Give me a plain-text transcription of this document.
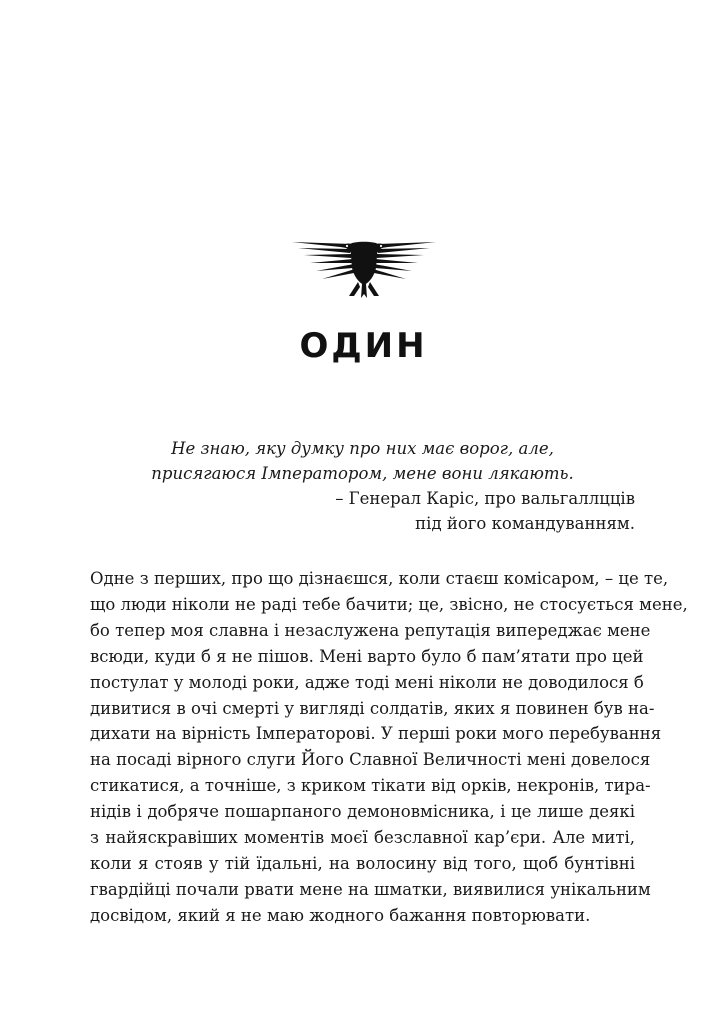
ОДИН
Не знаю, яку думку про них має ворог, але,
присягаюся Імператором, мене вони лякають.
– Генерал Каріс, про вальгаллцців
під його командуванням.
Одне з перших, про що дізнаєшся, коли стаєш комісаром, – це те,
що люди ніколи не раді тебе бачити; це, звісно, не стосується мене,
бо тепер моя славна і незаслужена репутація випереджає мене
всюди, куди б я не пішов. Мені варто було б пам’ятати про цей
постулат у молоді роки, адже тоді мені ніколи не доводилося б
дивитися в очі смерті у вигляді солдатів, яких я повинен був на-
дихати на вірність Імператорові. У перші роки мого перебування
на посаді вірного слуги Його Славної Величності мені довелося
стикатися, а точніше, з криком тікати від орків, некронів, тира-
нідів і добряче пошарпаного демоновмісника, і це лише деякі
з найяскравіших моментів моєї безславної кар’єри. Але миті,
коли я стояв у тій їдальні, на волосину від того, щоб бунтівні
гвардійці почали рвати мене на шматки, виявилися унікальним
досвідом, який я не маю жодного бажання повторювати.
